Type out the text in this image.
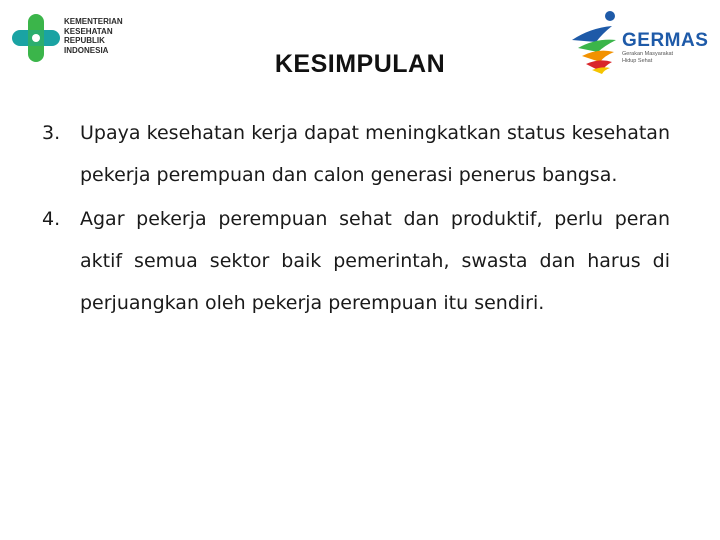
KEMENTERIAN
KESEHATAN
REPUBLIK
INDONESIA	GERMAS
Gerakan Masyarakat
Hidup Sehat
KESIMPULAN
3. Upaya kesehatan kerja dapat meningkatkan status kesehatan pekerja perempuan dan calon generasi penerus bangsa.
4. Agar pekerja perempuan sehat dan produktif, perlu peran aktif semua sektor baik pemerintah, swasta dan harus di perjuangkan oleh pekerja perempuan itu sendiri.
